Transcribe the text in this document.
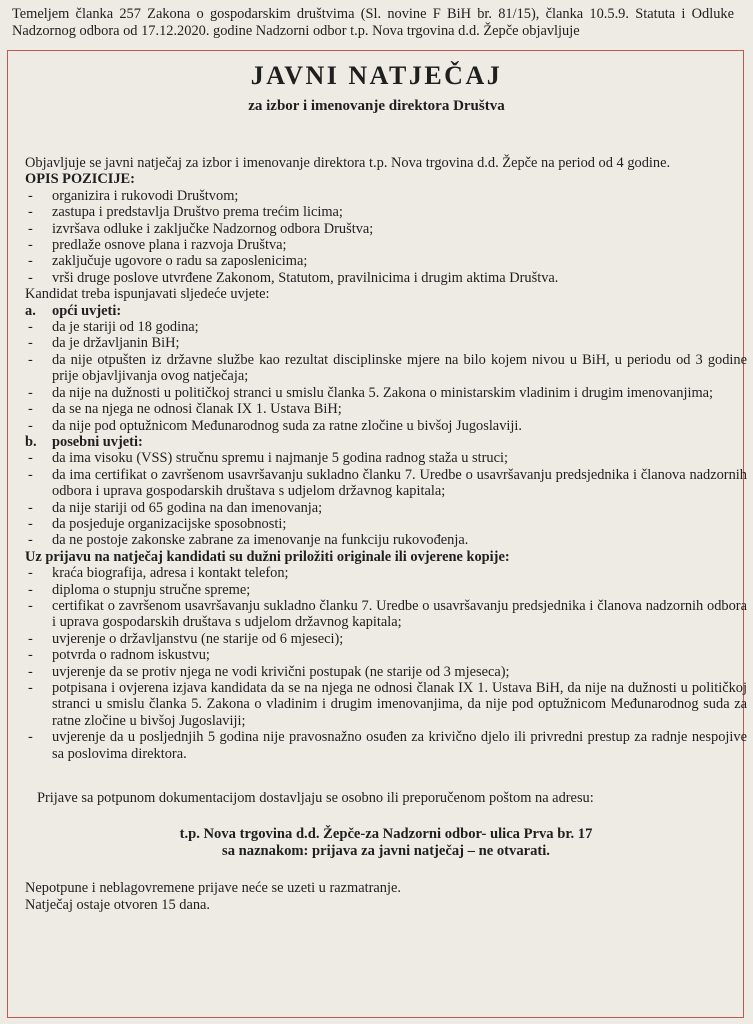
Temeljem članka 257 Zakona o gospodarskim društvima (Sl. novine F BiH br. 81/15), članka 10.5.9. Statuta i Odluke Nadzornog odbora od 17.12.2020. godine Nadzorni odbor t.p. Nova trgovina d.d. Žepče objavljuje

JAVNI NATJEČAJ
za izbor i imenovanje direktora Društva

Objavljuje se javni natječaj za izbor i imenovanje direktora t.p. Nova trgovina d.d. Žepče na period od 4 godine.

OPIS POZICIJE:

- organizira i rukovodi Društvom;
- zastupa i predstavlja Društvo prema trećim licima;
- izvršava odluke i zaključke Nadzornog odbora Društva;
- predlaže osnove plana i razvoja Društva;
- zaključuje ugovore o radu sa zaposlenicima;
- vrši druge poslove utvrđene Zakonom, Statutom, pravilnicima i drugim aktima Društva.

Kandidat treba ispunjavati sljedeće uvjete:

a.	opći uvjeti:
- da je stariji od 18 godina;
- da je državljanin BiH;
- da nije otpušten iz državne službe kao rezultat disciplinske mjere na bilo kojem nivou u BiH, u periodu od 3 godine prije objavljivanja ovog natječaja;
- da nije na dužnosti u političkoj stranci u smislu članka 5. Zakona o ministarskim vladinim i drugim imenovanjima;
- da se na njega ne odnosi članak IX 1. Ustava BiH;
- da nije pod optužnicom Međunarodnog suda za ratne zločine u bivšoj Jugoslaviji.
b.	posebni uvjeti:
- da ima visoku (VSS) stručnu spremu i najmanje 5 godina radnog staža u struci;
- da ima certifikat o završenom usavršavanju sukladno članku 7. Uredbe o usavršavanju predsjednika i članova nadzornih odbora i uprava gospodarskih društava s udjelom državnog kapitala;
- da nije stariji od 65 godina na dan imenovanja;
- da posjeduje organizacijske sposobnosti;
- da ne postoje zakonske zabrane za imenovanje na funkciju rukovođenja.

Uz prijavu na natječaj kandidati su dužni priložiti originale ili ovjerene kopije:

- kraća biografija, adresa i kontakt telefon;
- diploma o stupnju stručne spreme;
- certifikat o završenom usavršavanju sukladno članku 7. Uredbe o usavršavanju predsjednika i članova nadzornih odbora i uprava gospodarskih društava s udjelom državnog kapitala;
- uvjerenje o državljanstvu (ne starije od 6 mjeseci);
- potvrda o radnom iskustvu;
- uvjerenje da se protiv njega ne vodi krivični postupak (ne starije od 3 mjeseca);
- potpisana i ovjerena izjava kandidata da se na njega ne odnosi članak IX 1. Ustava BiH, da nije na dužnosti u političkoj stranci u smislu članka 5. Zakona o vladinim i drugim imenovanjima, da nije pod optužnicom Međunarodnog suda za ratne zločine u bivšoj Jugoslaviji;
- uvjerenje da u posljednjih 5 godina nije pravosnažno osuđen za krivično djelo ili privredni prestup za radnje nespojive sa poslovima direktora.

Prijave sa potpunom dokumentacijom dostavljaju se osobno ili preporučenom poštom na adresu:

t.p. Nova trgovina d.d. Žepče-za Nadzorni odbor- ulica Prva br. 17
sa naznakom: prijava za javni natječaj – ne otvarati.

Nepotpune i neblagovremene prijave neće se uzeti u razmatranje.

Natječaj ostaje otvoren 15 dana.
